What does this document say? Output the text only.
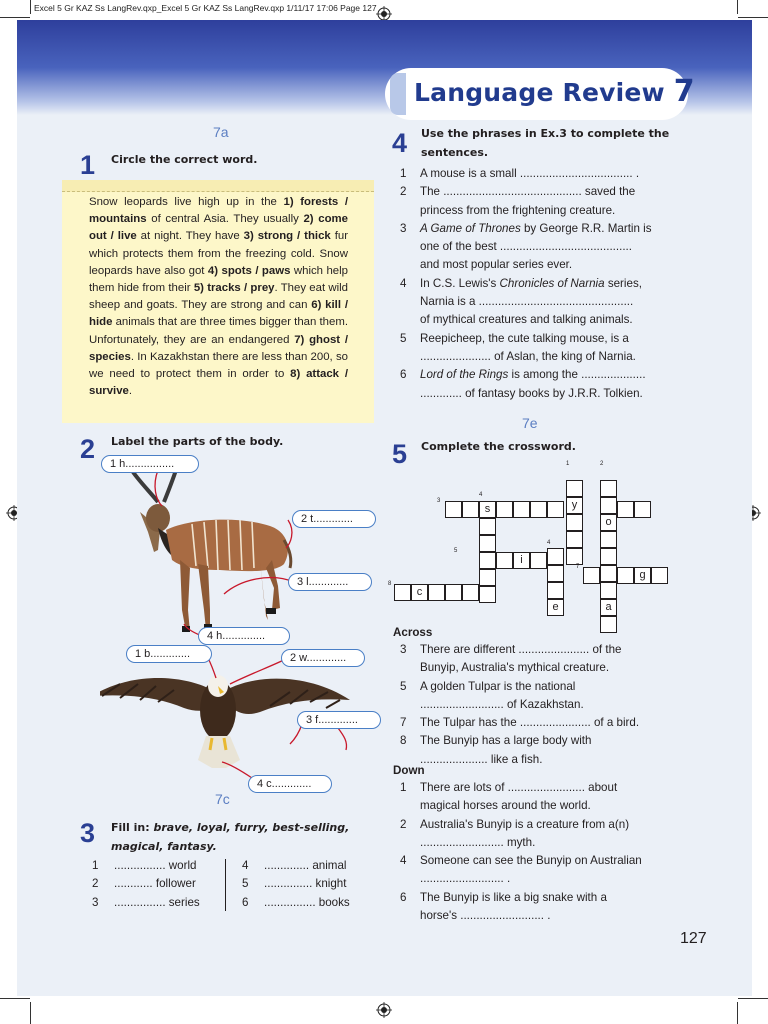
Excel 5 Gr KAZ Ss LangRev.qxp_Excel 5 Gr KAZ Ss LangRev.qxp 1/11/17 17:06 Page 127
Language Review 7
7a
1 Circle the correct word.
Snow leopards live high up in the 1) forests / mountains of central Asia. They usually 2) come out / live at night. They have 3) strong / thick fur which protects them from the freezing cold. Snow leopards have also got 4) spots / paws which help them hide from their 5) tracks / prey. They eat wild sheep and goats. They are strong and can 6) kill / hide animals that are three times bigger than them. Unfortunately, they are an endangered 7) ghost / species. In Kazakhstan there are less than 200, so we need to protect them in order to 8) attack / survive.
2 Label the parts of the body.
1 h................
2 t.............
3 l.............
4 h..............
1 b.............	2 w.............
3 f.............
4 c.............
7c
3 Fill in: brave, loyal, furry, best-selling, magical, fantasy.
1	................ world	4	.............. animal
2	............ follower	5	............... knight
3	................ series	6	................ books
4 Use the phrases in Ex.3 to complete the sentences.
1	A mouse is a small ................................... .
2	The ........................................... saved the
princess from the frightening creature.
3	A Game of Thrones by George R.R. Martin is
one of the best .........................................
and most popular series ever.
4	In C.S. Lewis's Chronicles of Narnia series,
Narnia is a ................................................
of mythical creatures and talking animals.
5	Reepicheep, the cute talking mouse, is a
...................... of Aslan, the king of Narnia.
6	Lord of the Rings is among the ....................
............. of fantasy books by J.R.R. Tolkien.
7e
5 Complete the crossword.
y
o
a
s
i
e
g
c
1	2
3
4
4
5
7
8
Across
3	There are different ...................... of the
Bunyip, Australia's mythical creature.
5	A golden Tulpar is the national
.......................... of Kazakhstan.
7	The Tulpar has the ...................... of a bird.
8	The Bunyip has a large body with
..................... like a fish.
Down
1	There are lots of ........................ about
magical horses around the world.
2	Australia's Bunyip is a creature from a(n)
.......................... myth.
4	Someone can see the Bunyip on Australian
.......................... .
6	The Bunyip is like a big snake with a
horse's .......................... .
127
